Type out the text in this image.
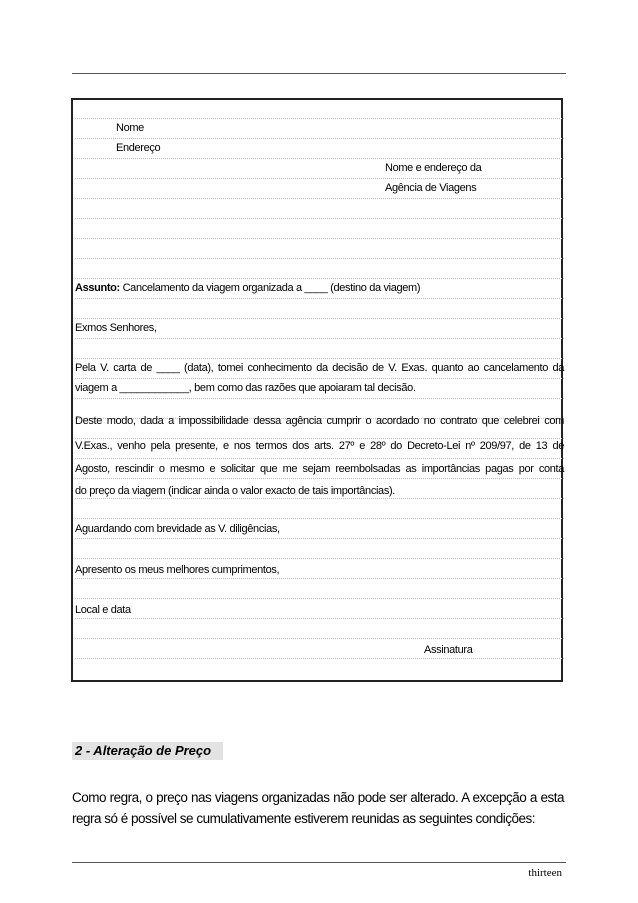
Nome
Endereço
Nome e endereço da
Agência de Viagens
Assunto: Cancelamento da viagem organizada a ____ (destino da viagem)
Exmos Senhores,
Pela V. carta de ____ (data), tomei conhecimento da decisão de V. Exas. quanto ao cancelamento da
viagem a ____________, bem como das razões que apoiaram tal decisão.
Deste modo, dada a impossibilidade dessa agência cumprir o acordado no contrato que celebrei com
V.Exas., venho pela presente, e nos termos dos arts. 27º e 28º do Decreto-Lei nº 209/97, de 13 de
Agosto, rescindir o mesmo e solicitar que me sejam reembolsadas as importâncias pagas por conta
do preço da viagem (indicar ainda o valor exacto de tais importâncias).
Aguardando com brevidade as V. diligências,
Apresento os meus melhores cumprimentos,
Local e data
Assinatura
2 - Alteração de Preço
Como regra, o preço nas viagens organizadas não pode ser alterado. A excepção a esta
regra só é possível se cumulativamente estiverem reunidas as seguintes condições:
thirteen
